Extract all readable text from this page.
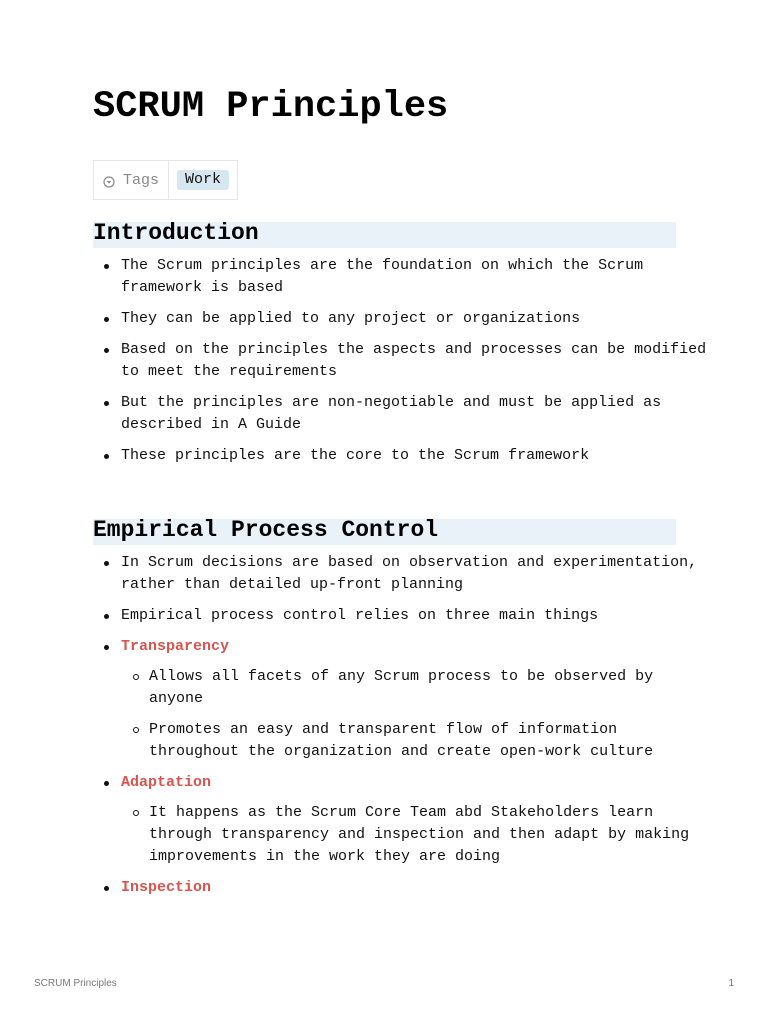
SCRUM Principles
Tags	Work
Introduction
The Scrum principles are the foundation on which the Scrum framework is based
They can be applied to any project or organizations
Based on the principles the aspects and processes can be modified to meet the requirements
But the principles are non-negotiable and must be applied as described in A Guide
These principles are the core to the Scrum framework
Empirical Process Control
In Scrum decisions are based on observation and experimentation, rather than detailed up-front planning
Empirical process control relies on three main things
Transparency
Allows all facets of any Scrum process to be observed by anyone
Promotes an easy and transparent flow of information throughout the organization and create open-work culture
Adaptation
It happens as the Scrum Core Team abd Stakeholders learn through transparency and inspection and then adapt by making improvements in the work they are doing
Inspection
SCRUM Principles	1
